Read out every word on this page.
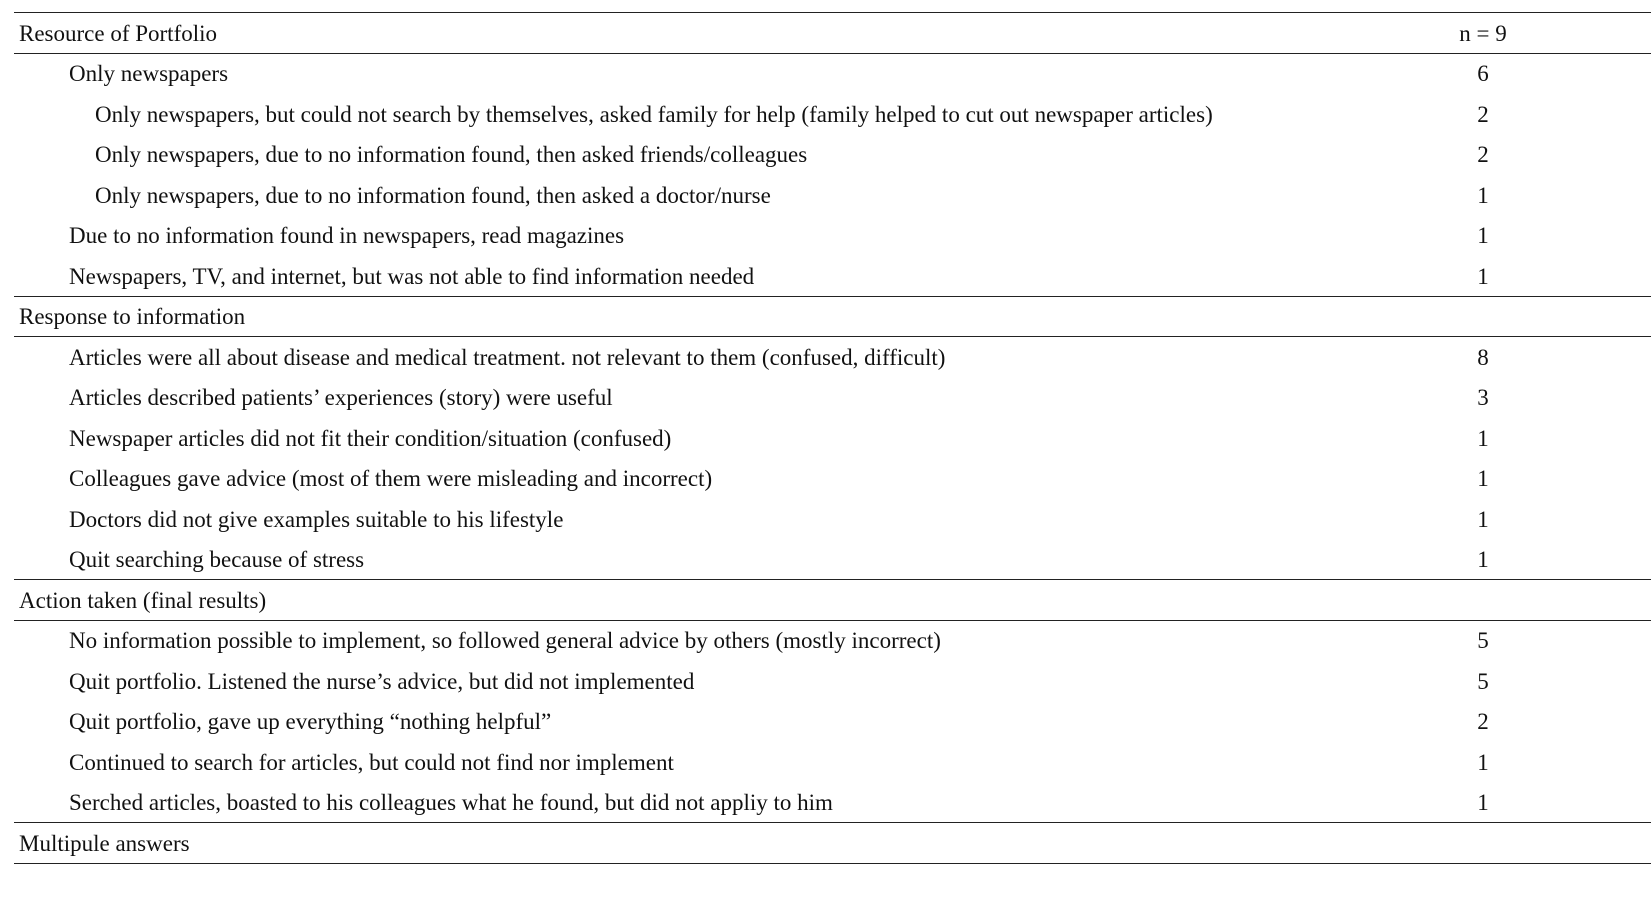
Resource of Portfolio	n = 9
Only newspapers	6
Only newspapers, but could not search by themselves, asked family for help (family helped to cut out newspaper articles)	2
Only newspapers, due to no information found, then asked friends/colleagues	2
Only newspapers, due to no information found, then asked a doctor/nurse	1
Due to no information found in newspapers, read magazines	1
Newspapers, TV, and internet, but was not able to find information needed	1
Response to information
Articles were all about disease and medical treatment. not relevant to them (confused, difficult)	8
Articles described patients’ experiences (story) were useful	3
Newspaper articles did not fit their condition/situation (confused)	1
Colleagues gave advice (most of them were misleading and incorrect)	1
Doctors did not give examples suitable to his lifestyle	1
Quit searching because of stress	1
Action taken (final results)
No information possible to implement, so followed general advice by others (mostly incorrect)	5
Quit portfolio. Listened the nurse’s advice, but did not implemented	5
Quit portfolio, gave up everything “nothing helpful”	2
Continued to search for articles, but could not find nor implement	1
Serched articles, boasted to his colleagues what he found, but did not appliy to him	1
Multipule answers
